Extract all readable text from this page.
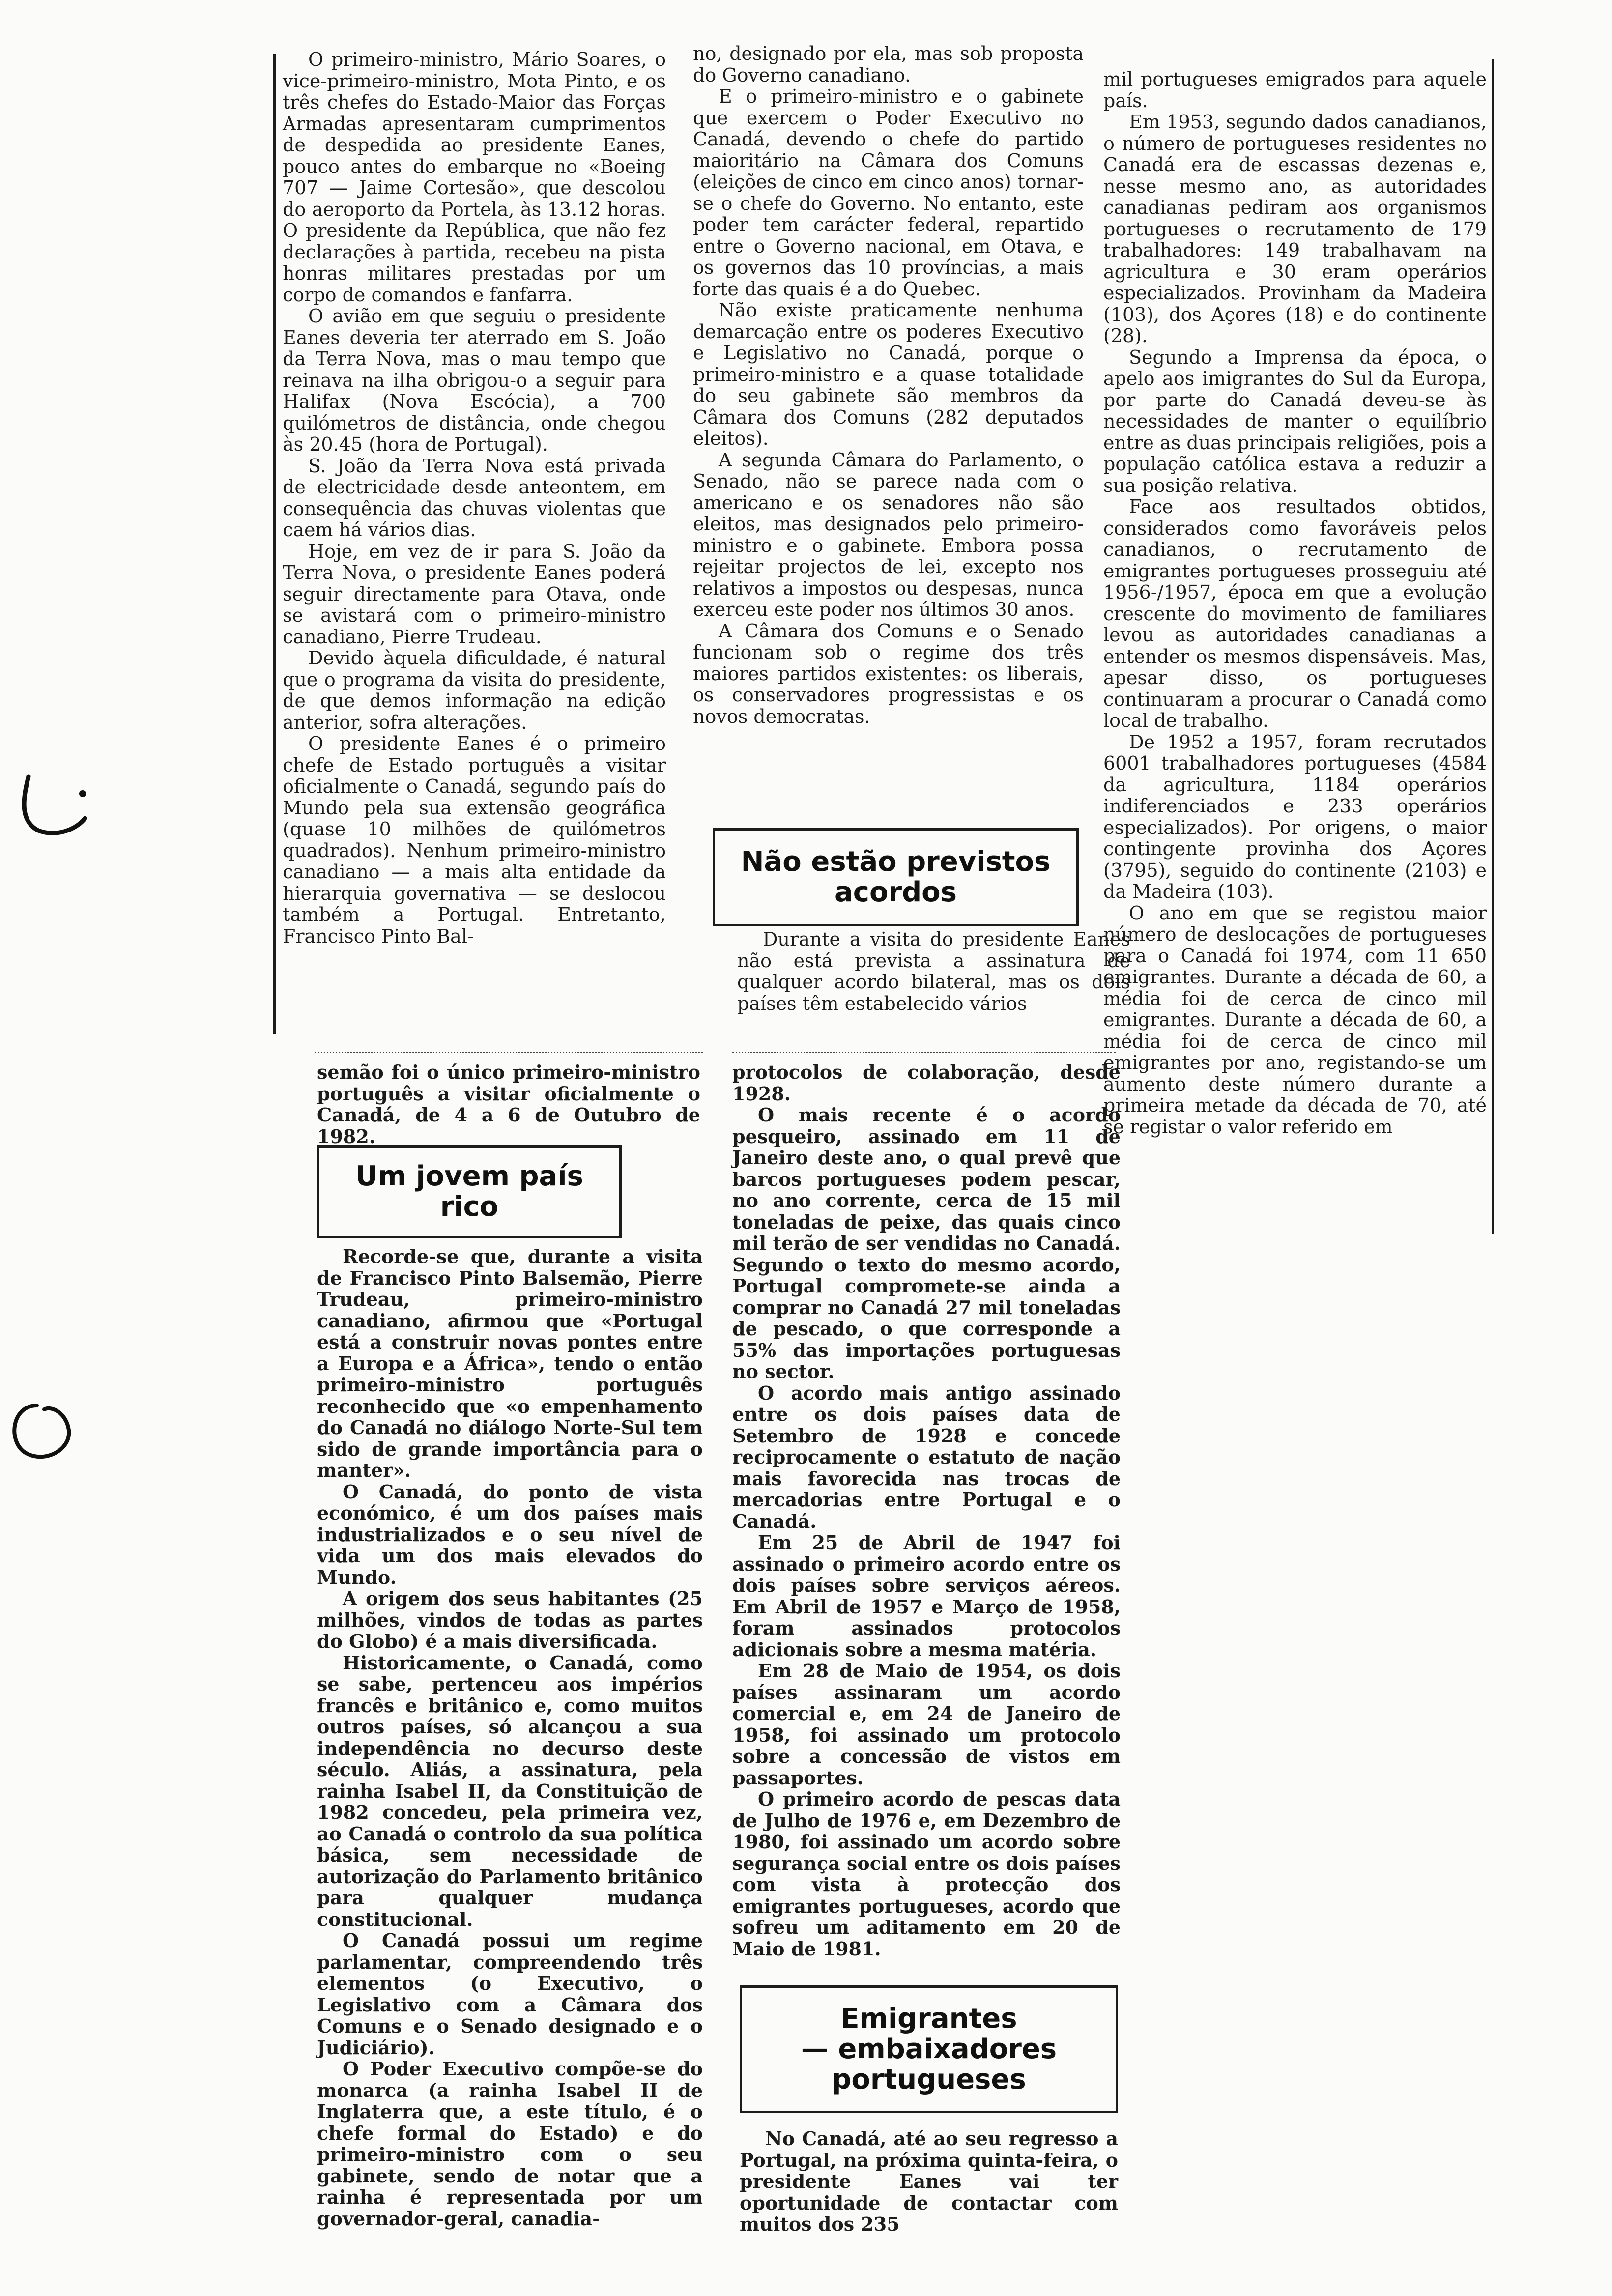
O primeiro-ministro, Mário Soares, o vice-primeiro-ministro, Mota Pinto, e os três chefes do Estado-Maior das Forças Armadas apresentaram cumprimentos de despedida ao presidente Eanes, pouco antes do embarque no «Boeing 707 — Jaime Cortesão», que descolou do aeroporto da Portela, às 13.12 horas. O presidente da República, que não fez declarações à partida, recebeu na pista honras militares prestadas por um corpo de comandos e fanfarra.

O avião em que seguiu o presidente Eanes deveria ter aterrado em S. João da Terra Nova, mas o mau tempo que reinava na ilha obrigou-o a seguir para Halifax (Nova Escócia), a 700 quilómetros de distância, onde chegou às 20.45 (hora de Portugal).

S. João da Terra Nova está privada de electricidade desde anteontem, em consequência das chuvas violentas que caem há vários dias.

Hoje, em vez de ir para S. João da Terra Nova, o presidente Eanes poderá seguir directamente para Otava, onde se avistará com o primeiro-ministro canadiano, Pierre Trudeau.

Devido àquela dificuldade, é natural que o programa da visita do presidente, de que demos informação na edição anterior, sofra alterações.

O presidente Eanes é o primeiro chefe de Estado português a visitar oficialmente o Canadá, segundo país do Mundo pela sua extensão geográfica (quase 10 milhões de quilómetros quadrados). Nenhum primeiro-ministro canadiano — a mais alta entidade da hierarquia governativa — se deslocou também a Portugal. Entretanto, Francisco Pinto Bal-

no, designado por ela, mas sob proposta do Governo canadiano.

E o primeiro-ministro e o gabinete que exercem o Poder Executivo no Canadá, devendo o chefe do partido maioritário na Câmara dos Comuns (eleições de cinco em cinco anos) tornar-se o chefe do Governo. No entanto, este poder tem carácter federal, repartido entre o Governo nacional, em Otava, e os governos das 10 províncias, a mais forte das quais é a do Quebec.

Não existe praticamente nenhuma demarcação entre os poderes Executivo e Legislativo no Canadá, porque o primeiro-ministro e a quase totalidade do seu gabinete são membros da Câmara dos Comuns (282 deputados eleitos).

A segunda Câmara do Parlamento, o Senado, não se parece nada com o americano e os senadores não são eleitos, mas designados pelo primeiro-ministro e o gabinete. Embora possa rejeitar projectos de lei, excepto nos relativos a impostos ou despesas, nunca exerceu este poder nos últimos 30 anos.

A Câmara dos Comuns e o Senado funcionam sob o regime dos três maiores partidos existentes: os liberais, os conservadores progressistas e os novos democratas.

Não estão previstos
acordos

Durante a visita do presidente Eanes não está prevista a assinatura de qualquer acordo bilateral, mas os dois países têm estabelecido vários

mil portugueses emigrados para aquele país.

Em 1953, segundo dados canadianos, o número de portugueses residentes no Canadá era de escassas dezenas e, nesse mesmo ano, as autoridades canadianas pediram aos organismos portugueses o recrutamento de 179 trabalhadores: 149 trabalhavam na agricultura e 30 eram operários especializados. Provinham da Madeira (103), dos Açores (18) e do continente (28).

Segundo a Imprensa da época, o apelo aos imigrantes do Sul da Europa, por parte do Canadá deveu-se às necessidades de manter o equilíbrio entre as duas principais religiões, pois a população católica estava a reduzir a sua posição relativa.

Face aos resultados obtidos, considerados como favoráveis pelos canadianos, o recrutamento de emigrantes portugueses prosseguiu até 1956-/1957, época em que a evolução crescente do movimento de familiares levou as autoridades canadianas a entender os mesmos dispensáveis. Mas, apesar disso, os portugueses continuaram a procurar o Canadá como local de trabalho.

De 1952 a 1957, foram recrutados 6001 trabalhadores portugueses (4584 da agricultura, 1184 operários indiferenciados e 233 operários especializados). Por origens, o maior contingente provinha dos Açores (3795), seguido do continente (2103) e da Madeira (103).

O ano em que se registou maior número de deslocações de portugueses para o Canadá foi 1974, com 11 650 emigrantes. Durante a década de 60, a média foi de cerca de cinco mil emigrantes. Durante a década de 60, a média foi de cerca de cinco mil emigrantes por ano, registando-se um aumento deste número durante a primeira metade da década de 70, até se registar o valor referido em

semão foi o único primeiro-ministro português a visitar oficialmente o Canadá, de 4 a 6 de Outubro de 1982.

Um jovem país
rico

Recorde-se que, durante a visita de Francisco Pinto Balsemão, Pierre Trudeau, primeiro-ministro canadiano, afirmou que «Portugal está a construir novas pontes entre a Europa e a África», tendo o então primeiro-ministro português reconhecido que «o empenhamento do Canadá no diálogo Norte-Sul tem sido de grande importância para o manter».

O Canadá, do ponto de vista económico, é um dos países mais industrializados e o seu nível de vida um dos mais elevados do Mundo.

A origem dos seus habitantes (25 milhões, vindos de todas as partes do Globo) é a mais diversificada.

Historicamente, o Canadá, como se sabe, pertenceu aos impérios francês e britânico e, como muitos outros países, só alcançou a sua independência no decurso deste século. Aliás, a assinatura, pela rainha Isabel II, da Constituição de 1982 concedeu, pela primeira vez, ao Canadá o controlo da sua política básica, sem necessidade de autorização do Parlamento britânico para qualquer mudança constitucional.

O Canadá possui um regime parlamentar, compreendendo três elementos (o Executivo, o Legislativo com a Câmara dos Comuns e o Senado designado e o Judiciário).

O Poder Executivo compõe-se do monarca (a rainha Isabel II de Inglaterra que, a este título, é o chefe formal do Estado) e do primeiro-ministro com o seu gabinete, sendo de notar que a rainha é representada por um governador-geral, canadia-

protocolos de colaboração, desde 1928.

O mais recente é o acordo pesqueiro, assinado em 11 de Janeiro deste ano, o qual prevê que barcos portugueses podem pescar, no ano corrente, cerca de 15 mil toneladas de peixe, das quais cinco mil terão de ser vendidas no Canadá. Segundo o texto do mesmo acordo, Portugal compromete-se ainda a comprar no Canadá 27 mil toneladas de pescado, o que corresponde a 55% das importações portuguesas no sector.

O acordo mais antigo assinado entre os dois países data de Setembro de 1928 e concede reciprocamente o estatuto de nação mais favorecida nas trocas de mercadorias entre Portugal e o Canadá.

Em 25 de Abril de 1947 foi assinado o primeiro acordo entre os dois países sobre serviços aéreos. Em Abril de 1957 e Março de 1958, foram assinados protocolos adicionais sobre a mesma matéria.

Em 28 de Maio de 1954, os dois países assinaram um acordo comercial e, em 24 de Janeiro de 1958, foi assinado um protocolo sobre a concessão de vistos em passaportes.

O primeiro acordo de pescas data de Julho de 1976 e, em Dezembro de 1980, foi assinado um acordo sobre segurança social entre os dois países com vista à protecção dos emigrantes portugueses, acordo que sofreu um aditamento em 20 de Maio de 1981.

Emigrantes
— embaixadores
portugueses

No Canadá, até ao seu regresso a Portugal, na próxima quinta-feira, o presidente Eanes vai ter oportunidade de contactar com muitos dos 235
